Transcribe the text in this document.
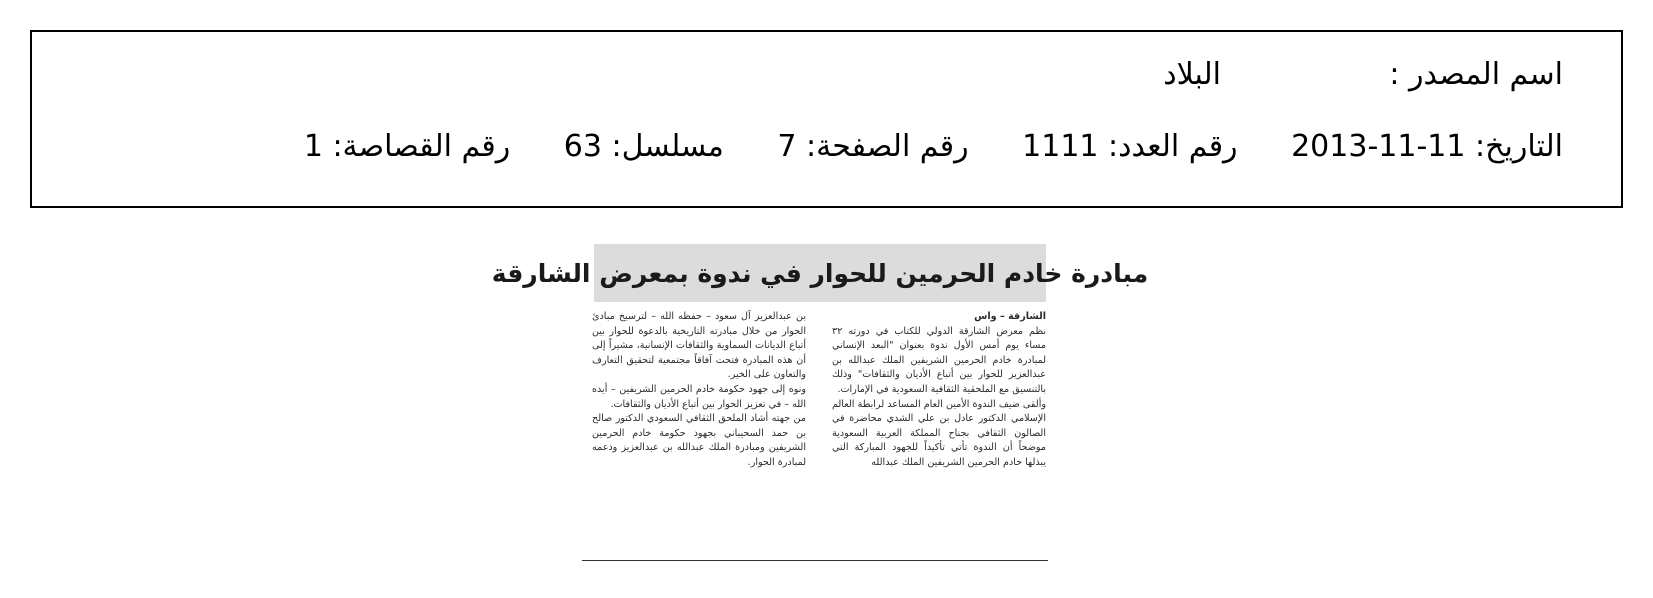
اسم المصدر :
البلاد
التاريخ: 11-11-2013 رقم العدد: 1111 رقم الصفحة: 7 مسلسل: 63 رقم القصاصة: 1
مبادرة خادم الحرمين للحوار في ندوة بمعرض الشارقة

الشارقة – واس

نظم معرض الشارقة الدولي للكتاب في دورته ٣٢ مساء يوم أمس الأول ندوة بعنوان "البعد الإنساني لمبادرة خادم الحرمين الشريفين الملك عبدالله بن عبدالعزيز للحوار بين أتباع الأديان والثقافات" وذلك بالتنسيق مع الملحقية الثقافية السعودية في الإمارات.

وألقى ضيف الندوة الأمين العام المساعد لرابطة العالم الإسلامي الدكتور عادل بن علي الشدي محاضرة في الصالون الثقافي بجناح المملكة العربية السعودية موضحاً أن الندوة تأتي تأكيداً للجهود المباركة التي يبذلها خادم الحرمين الشريفين الملك عبدالله

بن عبدالعزيز آل سعود – حفظه الله – لترسيخ مبادئ الحوار من خلال مبادرته التاريخية بالدعوة للحوار بين أتباع الديانات السماوية والثقافات الإنسانية، مشيراً إلى أن هذه المبادرة فتحت آفاقاً مجتمعية لتحقيق التعارف والتعاون على الخير.

ونوه إلى جهود حكومة خادم الحرمين الشريفين – أيده الله – في تعزيز الحوار بين أتباع الأديان والثقافات.

من جهته أشاد الملحق الثقافي السعودي الدكتور صالح بن حمد السحيباني بجهود حكومة خادم الحرمين الشريفين ومبادرة الملك عبدالله بن عبدالعزيز ودعمه لمبادرة الحوار.
